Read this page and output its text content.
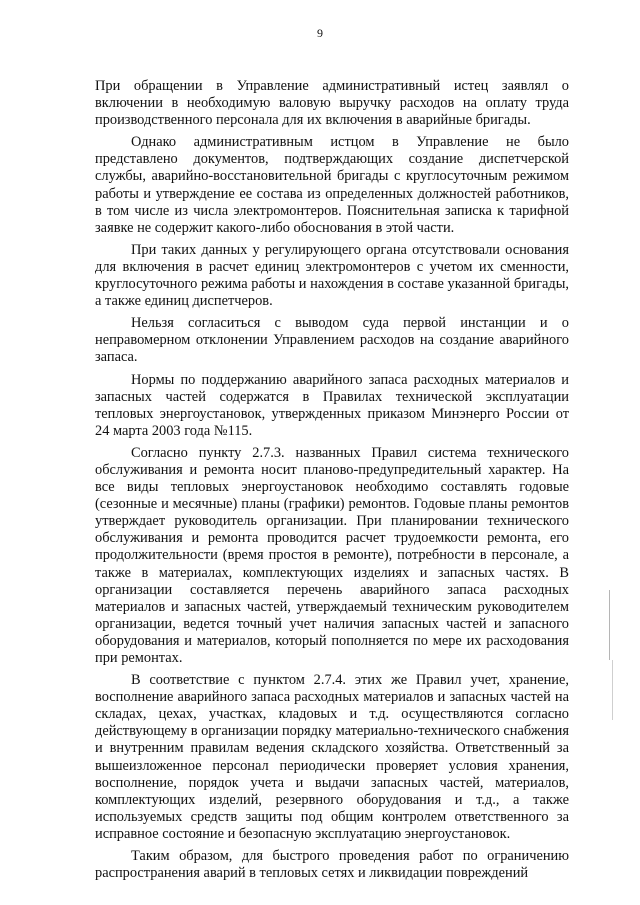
9

При обращении в Управление административный истец заявлял о включении в необходимую валовую выручку расходов на оплату труда производственного персонала для их включения в аварийные бригады.

Однако административным истцом в Управление не было представлено документов, подтверждающих создание диспетчерской службы, аварийно-восстановительной бригады с круглосуточным режимом работы и утверждение ее состава из определенных должностей работников, в том числе из числа электромонтеров. Пояснительная записка к тарифной заявке не содержит какого-либо обоснования в этой части.

При таких данных у регулирующего органа отсутствовали основания для включения в расчет единиц электромонтеров с учетом их сменности, круглосуточного режима работы и нахождения в составе указанной бригады, а также единиц диспетчеров.

Нельзя согласиться с выводом суда первой инстанции и о неправомерном отклонении Управлением расходов на создание аварийного запаса.

Нормы по поддержанию аварийного запаса расходных материалов и запасных частей содержатся в Правилах технической эксплуатации тепловых энергоустановок, утвержденных приказом Минэнерго России от 24 марта 2003 года №115.

Согласно пункту 2.7.3. названных Правил система технического обслуживания и ремонта носит планово-предупредительный характер. На все виды тепловых энергоустановок необходимо составлять годовые (сезонные и месячные) планы (графики) ремонтов. Годовые планы ремонтов утверждает руководитель организации. При планировании технического обслуживания и ремонта проводится расчет трудоемкости ремонта, его продолжительности (время простоя в ремонте), потребности в персонале, а также в материалах, комплектующих изделиях и запасных частях. В организации составляется перечень аварийного запаса расходных материалов и запасных частей, утверждаемый техническим руководителем организации, ведется точный учет наличия запасных частей и запасного оборудования и материалов, который пополняется по мере их расходования при ремонтах.

В соответствие с пунктом 2.7.4. этих же Правил учет, хранение, восполнение аварийного запаса расходных материалов и запасных частей на складах, цехах, участках, кладовых и т.д. осуществляются согласно действующему в организации порядку материально-технического снабжения и внутренним правилам ведения складского хозяйства. Ответственный за вышеизложенное персонал периодически проверяет условия хранения, восполнение, порядок учета и выдачи запасных частей, материалов, комплектующих изделий, резервного оборудования и т.д., а также используемых средств защиты под общим контролем ответственного за исправное состояние и безопасную эксплуатацию энергоустановок.

Таким образом, для быстрого проведения работ по ограничению распространения аварий в тепловых сетях и ликвидации повреждений
